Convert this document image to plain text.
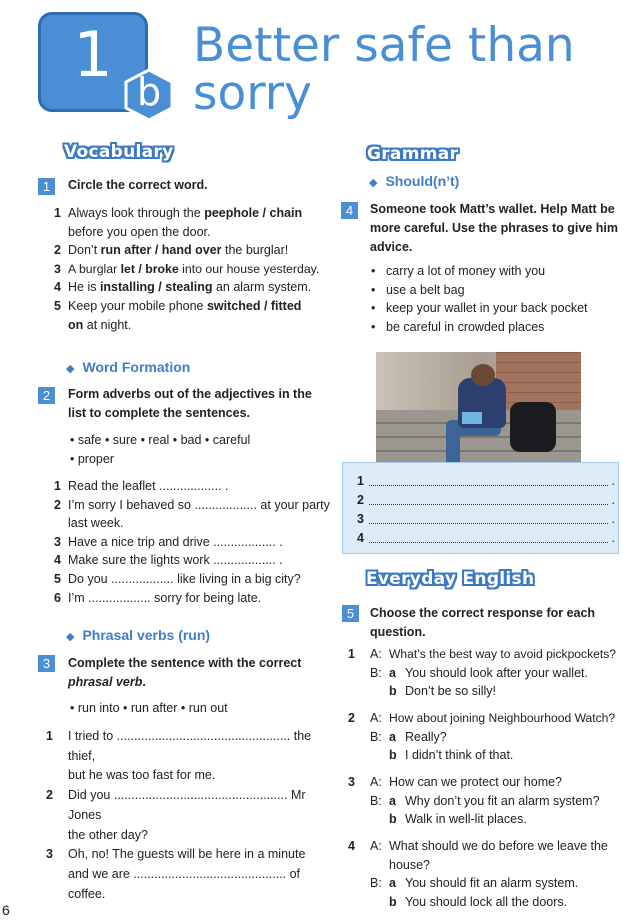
1
b
Better safe than
sorry
Vocabulary
1	Circle the correct word.
1 Always look through the peephole / chain
before you open the door.
2 Don’t run after / hand over the burglar!
3 A burglar let / broke into our house yesterday.
4 He is installing / stealing an alarm system.
5 Keep your mobile phone switched / fitted
on at night.
◆ Word Formation
2	Form adverbs out of the adjectives in the
list to complete the sentences.
• safe • sure • real • bad • careful
• proper
1 Read the leaflet .................. .
2 I’m sorry I behaved so .................. at your party
last week.
3 Have a nice trip and drive .................. .
4 Make sure the lights work .................. .
5 Do you .................. like living in a big city?
6 I’m .................. sorry for being late.
◆ Phrasal verbs (run)
3	Complete the sentence with the correct
phrasal verb.
• run into • run after • run out
1	I tried to .................................................. the thief,
but he was too fast for me.
2	Did you .................................................. Mr Jones
the other day?
3	Oh, no! The guests will be here in a minute
and we are ............................................ of coffee.
Grammar
◆ Should(n’t)
4	Someone took Matt’s wallet. Help Matt be
more careful. Use the phrases to give him
advice.
• carry a lot of money with you
• use a belt bag
• keep your wallet in your back pocket
• be careful in crowded places
1	.
2	.
3	.
4	.
Everyday English
5	Choose the correct response for each
question.
1	A: What’s the best way to avoid pickpockets?
B: a You should look after your wallet.
b Don’t be so silly!
2	A: How about joining Neighbourhood Watch?
B: a Really?
b I didn’t think of that.
3	A: How can we protect our home?
B: a Why don’t you fit an alarm system?
b Walk in well-lit places.
4	A: What should we do before we leave the
house?
B: a You should fit an alarm system.
b You should lock all the doors.
6
